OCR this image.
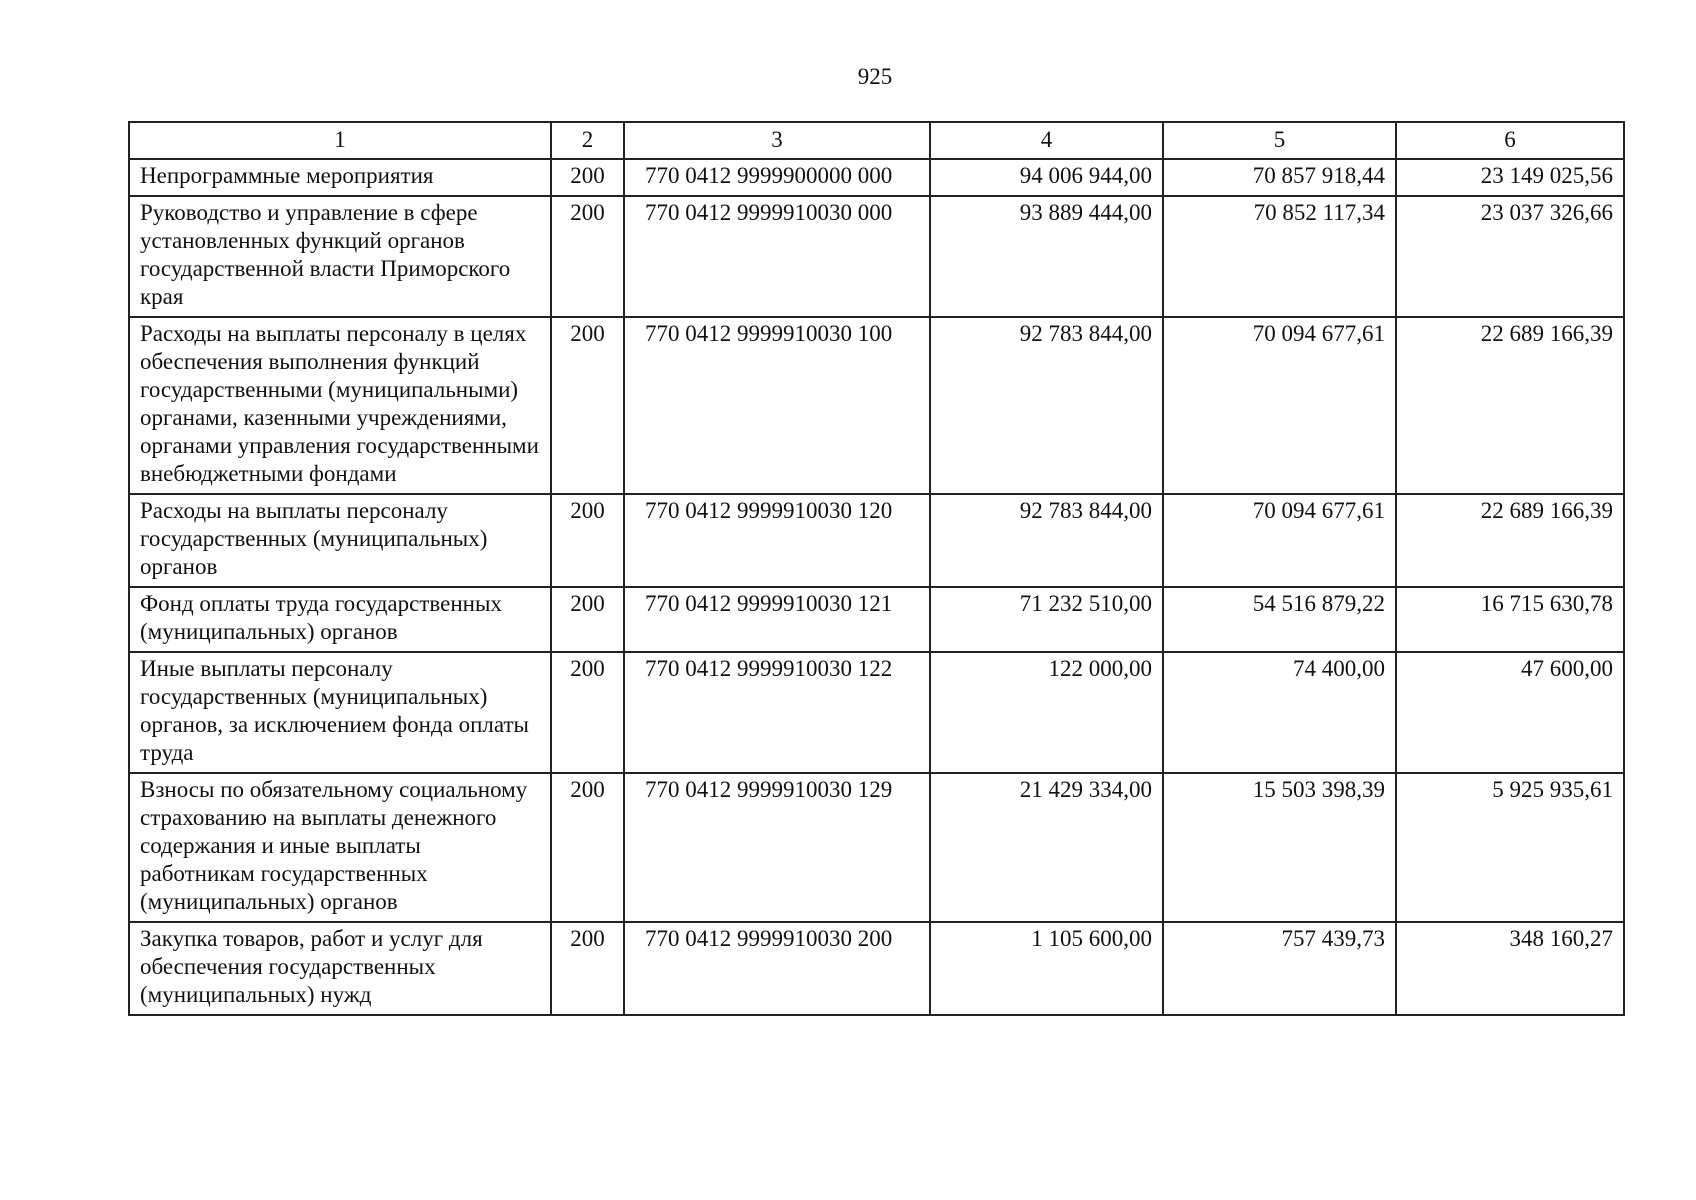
925
1	2	3	4	5	6
Непрограммные мероприятия	200	770 0412 9999900000 000	94 006 944,00	70 857 918,44	23 149 025,56
Руководство и управление в сфере установленных функций органов государственной власти Приморского края	200	770 0412 9999910030 000	93 889 444,00	70 852 117,34	23 037 326,66
Расходы на выплаты персоналу в целях обеспечения выполнения функций государственными (муниципальными) органами, казенными учреждениями, органами управления государственными внебюджетными фондами	200	770 0412 9999910030 100	92 783 844,00	70 094 677,61	22 689 166,39
Расходы на выплаты персоналу государственных (муниципальных) органов	200	770 0412 9999910030 120	92 783 844,00	70 094 677,61	22 689 166,39
Фонд оплаты труда государственных (муниципальных) органов	200	770 0412 9999910030 121	71 232 510,00	54 516 879,22	16 715 630,78
Иные выплаты персоналу государственных (муниципальных) органов, за исключением фонда оплаты труда	200	770 0412 9999910030 122	122 000,00	74 400,00	47 600,00
Взносы по обязательному социальному страхованию на выплаты денежного содержания и иные выплаты работникам государственных (муниципальных) органов	200	770 0412 9999910030 129	21 429 334,00	15 503 398,39	5 925 935,61
Закупка товаров, работ и услуг для обеспечения государственных (муниципальных) нужд	200	770 0412 9999910030 200	1 105 600,00	757 439,73	348 160,27
